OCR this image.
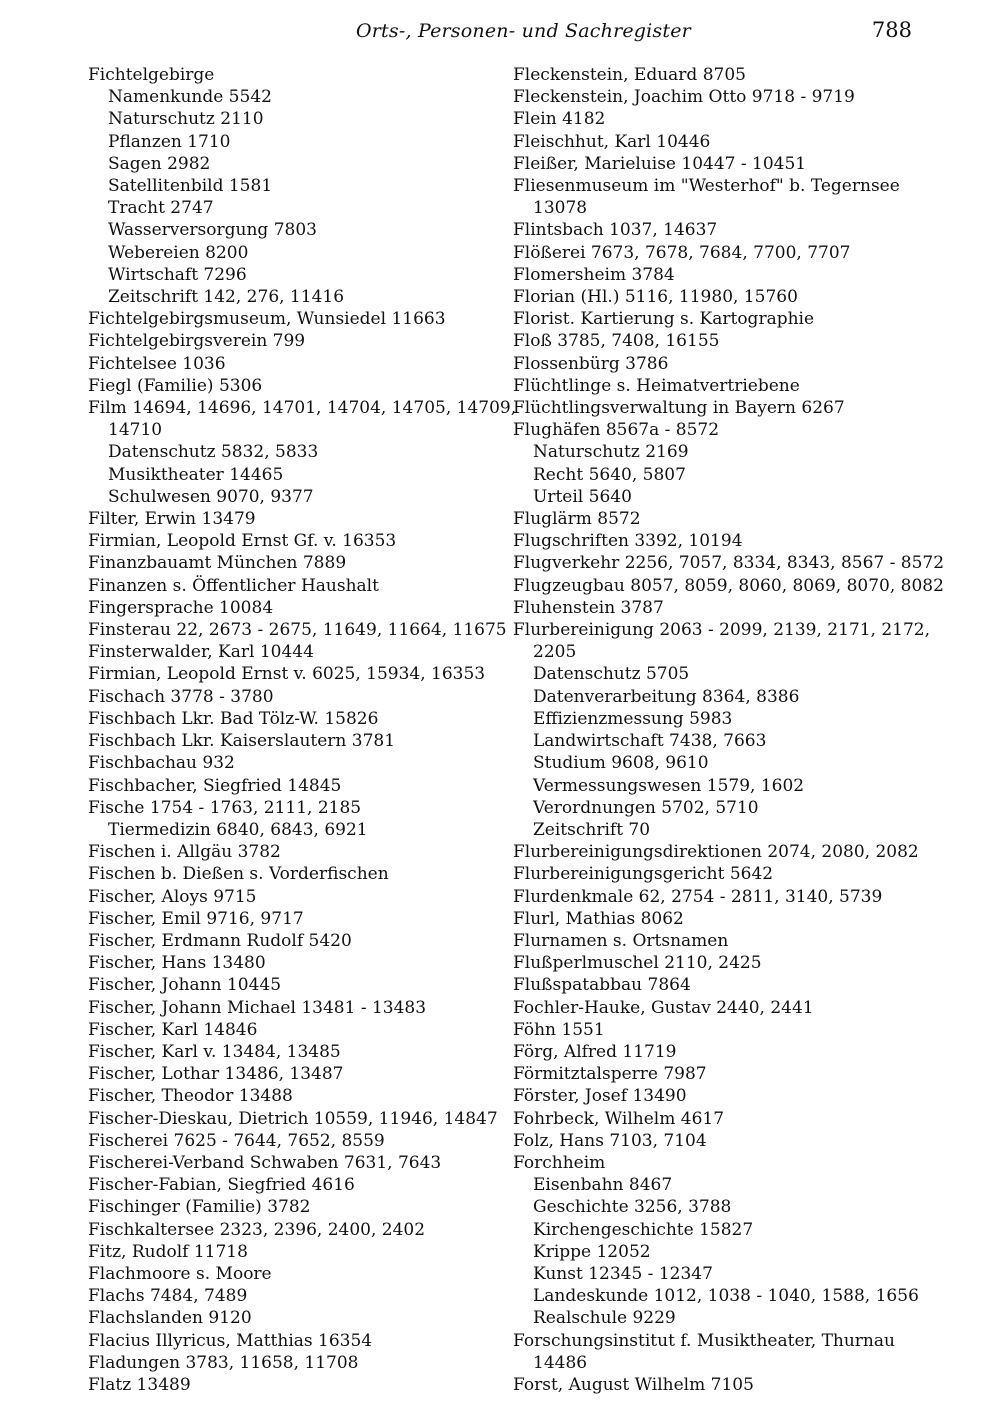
Orts-, Personen- und Sachregister	788
Fichtelgebirge
Namenkunde 5542
Naturschutz 2110
Pflanzen 1710
Sagen 2982
Satellitenbild 1581
Tracht 2747
Wasserversorgung 7803
Webereien 8200
Wirtschaft 7296
Zeitschrift 142, 276, 11416
Fichtelgebirgsmuseum, Wunsiedel 11663
Fichtelgebirgsverein 799
Fichtelsee 1036
Fiegl (Familie) 5306
Film 14694, 14696, 14701, 14704, 14705, 14709,
14710
Datenschutz 5832, 5833
Musiktheater 14465
Schulwesen 9070, 9377
Filter, Erwin 13479
Firmian, Leopold Ernst Gf. v. 16353
Finanzbauamt München 7889
Finanzen s. Öffentlicher Haushalt
Fingersprache 10084
Finsterau 22, 2673 - 2675, 11649, 11664, 11675
Finsterwalder, Karl 10444
Firmian, Leopold Ernst v. 6025, 15934, 16353
Fischach 3778 - 3780
Fischbach Lkr. Bad Tölz-W. 15826
Fischbach Lkr. Kaiserslautern 3781
Fischbachau 932
Fischbacher, Siegfried 14845
Fische 1754 - 1763, 2111, 2185
Tiermedizin 6840, 6843, 6921
Fischen i. Allgäu 3782
Fischen b. Dießen s. Vorderfischen
Fischer, Aloys 9715
Fischer, Emil 9716, 9717
Fischer, Erdmann Rudolf 5420
Fischer, Hans 13480
Fischer, Johann 10445
Fischer, Johann Michael 13481 - 13483
Fischer, Karl 14846
Fischer, Karl v. 13484, 13485
Fischer, Lothar 13486, 13487
Fischer, Theodor 13488
Fischer-Dieskau, Dietrich 10559, 11946, 14847
Fischerei 7625 - 7644, 7652, 8559
Fischerei-Verband Schwaben 7631, 7643
Fischer-Fabian, Siegfried 4616
Fischinger (Familie) 3782
Fischkaltersee 2323, 2396, 2400, 2402
Fitz, Rudolf 11718
Flachmoore s. Moore
Flachs 7484, 7489
Flachslanden 9120
Flacius Illyricus, Matthias 16354
Fladungen 3783, 11658, 11708
Flatz 13489
Fleckenstein, Eduard 8705
Fleckenstein, Joachim Otto 9718 - 9719
Flein 4182
Fleischhut, Karl 10446
Fleißer, Marieluise 10447 - 10451
Fliesenmuseum im "Westerhof" b. Tegernsee
13078
Flintsbach 1037, 14637
Flößerei 7673, 7678, 7684, 7700, 7707
Flomersheim 3784
Florian (Hl.) 5116, 11980, 15760
Florist. Kartierung s. Kartographie
Floß 3785, 7408, 16155
Flossenbürg 3786
Flüchtlinge s. Heimatvertriebene
Flüchtlingsverwaltung in Bayern 6267
Flughäfen 8567a - 8572
Naturschutz 2169
Recht 5640, 5807
Urteil 5640
Fluglärm 8572
Flugschriften 3392, 10194
Flugverkehr 2256, 7057, 8334, 8343, 8567 - 8572
Flugzeugbau 8057, 8059, 8060, 8069, 8070, 8082
Fluhenstein 3787
Flurbereinigung 2063 - 2099, 2139, 2171, 2172,
2205
Datenschutz 5705
Datenverarbeitung 8364, 8386
Effizienzmessung 5983
Landwirtschaft 7438, 7663
Studium 9608, 9610
Vermessungswesen 1579, 1602
Verordnungen 5702, 5710
Zeitschrift 70
Flurbereinigungsdirektionen 2074, 2080, 2082
Flurbereinigungsgericht 5642
Flurdenkmale 62, 2754 - 2811, 3140, 5739
Flurl, Mathias 8062
Flurnamen s. Ortsnamen
Flußperlmuschel 2110, 2425
Flußspatabbau 7864
Fochler-Hauke, Gustav 2440, 2441
Föhn 1551
Förg, Alfred 11719
Förmitztalsperre 7987
Förster, Josef 13490
Fohrbeck, Wilhelm 4617
Folz, Hans 7103, 7104
Forchheim
Eisenbahn 8467
Geschichte 3256, 3788
Kirchengeschichte 15827
Krippe 12052
Kunst 12345 - 12347
Landeskunde 1012, 1038 - 1040, 1588, 1656
Realschule 9229
Forschungsinstitut f. Musiktheater, Thurnau
14486
Forst, August Wilhelm 7105
